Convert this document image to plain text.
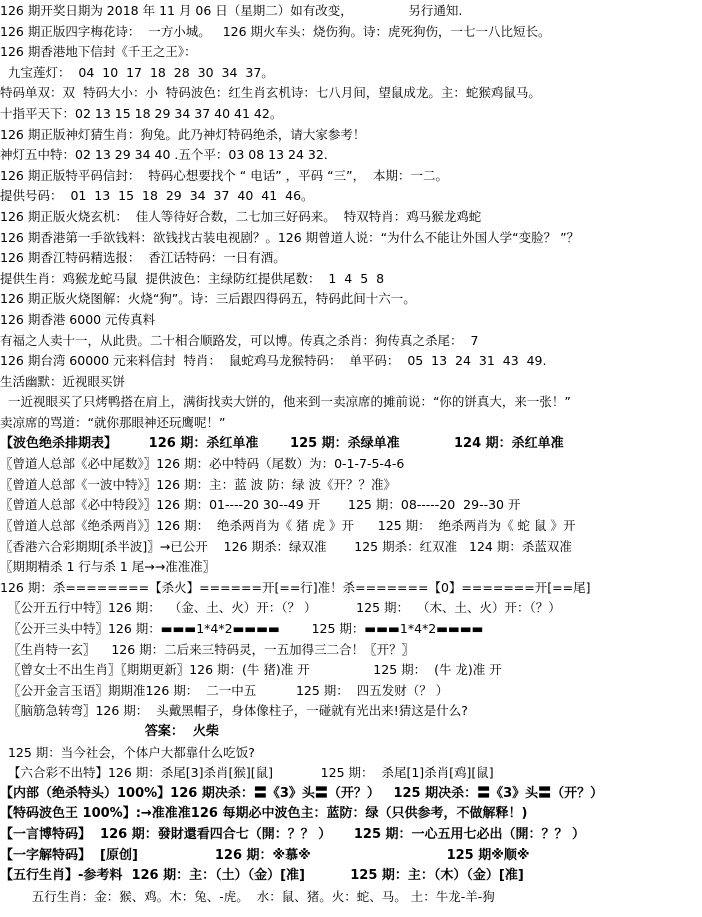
126 期开奖日期为 2018 年 11 月 06 日（星期二）如有改变，              另行通知.
126 期正版四字梅花诗：  一方小城。   126 期火车头：烧伤狗。诗：虎死狗伤，一七一八比短长。
126 期香港地下信封《千王之王》：
九宝莲灯：  04  10  17  18  28  30  34  37。
特码单双：双  特码大小：小  特码波色：红生肖玄机诗：七八月间，望鼠成龙。主：蛇猴鸡鼠马。
十指平天下：02 13 15 18 29 34 37 40 41 42。
126 期正版神灯猜生肖：狗兔。此乃神灯特码绝杀，请大家参考！
神灯五中特：02 13 29 34 40 .五个平：03 08 13 24 32.
126 期正版特平码信封：  特码心想要找个 “ 电话” ，平码 “三”，  本期：一二。
提供号码：  01  13  15  18  29  34  37  40  41  46。
126 期正版火烧玄机：  佳人等待好合数，二七加三好码来。  特双特肖：鸡马猴龙鸡蛇
126 期香港第一手欲钱料：欲钱找古装电视剧？。126 期曾道人说：“为什么不能让外国人学“变脸？ ”？
126 期香江特码精选报：  香江话特码：一日有酒。
提供生肖：鸡猴龙蛇马鼠  提供波色：主绿防红提供尾数：  1  4  5  8
126 期正版火烧图解：火烧“狗”。诗：三后跟四得码五，特码此间十六一。
126 期香港 6000 元传真料
有福之人卖十一，从此贵。二十相合顺路发，可以博。传真之杀肖：狗传真之杀尾：  7
126 期台湾 60000 元来料信封  特肖：  鼠蛇鸡马龙猴特码：  单平码：  05  13  24  31  43  49.
生活幽默：近视眼买饼
一近视眼买了只烤鸭搭在肩上，满街找卖大饼的，他来到一卖凉席的摊前说：“你的饼真大，来一张！”
卖凉席的骂道：“就你那眼神还玩鹰呢！”
【波色绝杀排期表】       126 期：杀红单准       125 期：杀绿单准            124 期：杀红单准
〖曾道人总部《必中尾数》〗126 期：必中特码（尾数）为：0-1-7-5-4-6
〖曾道人总部《一波中特》〗126 期：主：蓝 波 防：绿 波《开？？准》
〖曾道人总部《必中特段》〗126 期：01----20 30--49 开       125 期：08-----20  29--30 开
〖曾道人总部《绝杀两肖》〗126 期：  绝杀两肖为《 猪 虎 》开      125 期：  绝杀两肖为《 蛇 鼠 》开
〖香港六合彩期期[杀半波]〗→已公开    126 期杀：绿双准       125 期杀：红双准   124 期：杀蓝双准
〖期期精杀 1 行与杀 1 尾→→准准准〗
126 期：杀========【杀火】======开[==行]准！杀=======【0】=======开[==尾]
〖公开五行中特〗126 期：  （金、土、火）开：（？ ）          125 期：  （木、土、火）开：（？）
〖公开三头中特〗126 期：▬▬▬1*4*2▬▬▬▬        125 期：▬▬▬1*4*2▬▬▬▬
〖生肖特一玄〗    126 期：二后来三特码灵，一五加得三二合！〖开？〗
〖曾女士不出生肖〗〖期期更新〗126 期：(牛 猪)准 开                125 期：  (牛 龙)准 开
〖公开金言玉语〗期期准126 期：  二一中五          125 期：  四五发财（？ ）
〖脑筋急转弯〗126 期：  头戴黑帽子，身体像柱子，一碰就有光出来!猜这是什么?
答案：  火柴
125 期：当今社会，个体户大都靠什么吃饭?
【六合彩不出特】126 期：杀尾[3]杀肖[猴][鼠]            125 期：  杀尾[1]杀肖[鸡][鼠]
【内部（绝杀特头）100%】126 期决杀：〓《3》头〓（开？）   125 期决杀：〓《3》头〓（开？）
【特码波色王 100%】:→准准准126 每期必中波色主：蓝防：绿（只供参考，不做解释！)
【一言博特码】  126 期：發財還看四合七（開：？？ ）     125 期：一心五用七必出（開：？？ ）
【一字解特码】  [原创]                 126 期：※慕※                              125 期※顺※
【五行生肖】-参考料  126 期：主：（土）（金）[准]          125 期：主：（木）（金）[准]
五行生肖：金：猴、鸡。木：兔、-虎。  水：鼠、猪。火：蛇、马。 土：牛龙-羊-狗
